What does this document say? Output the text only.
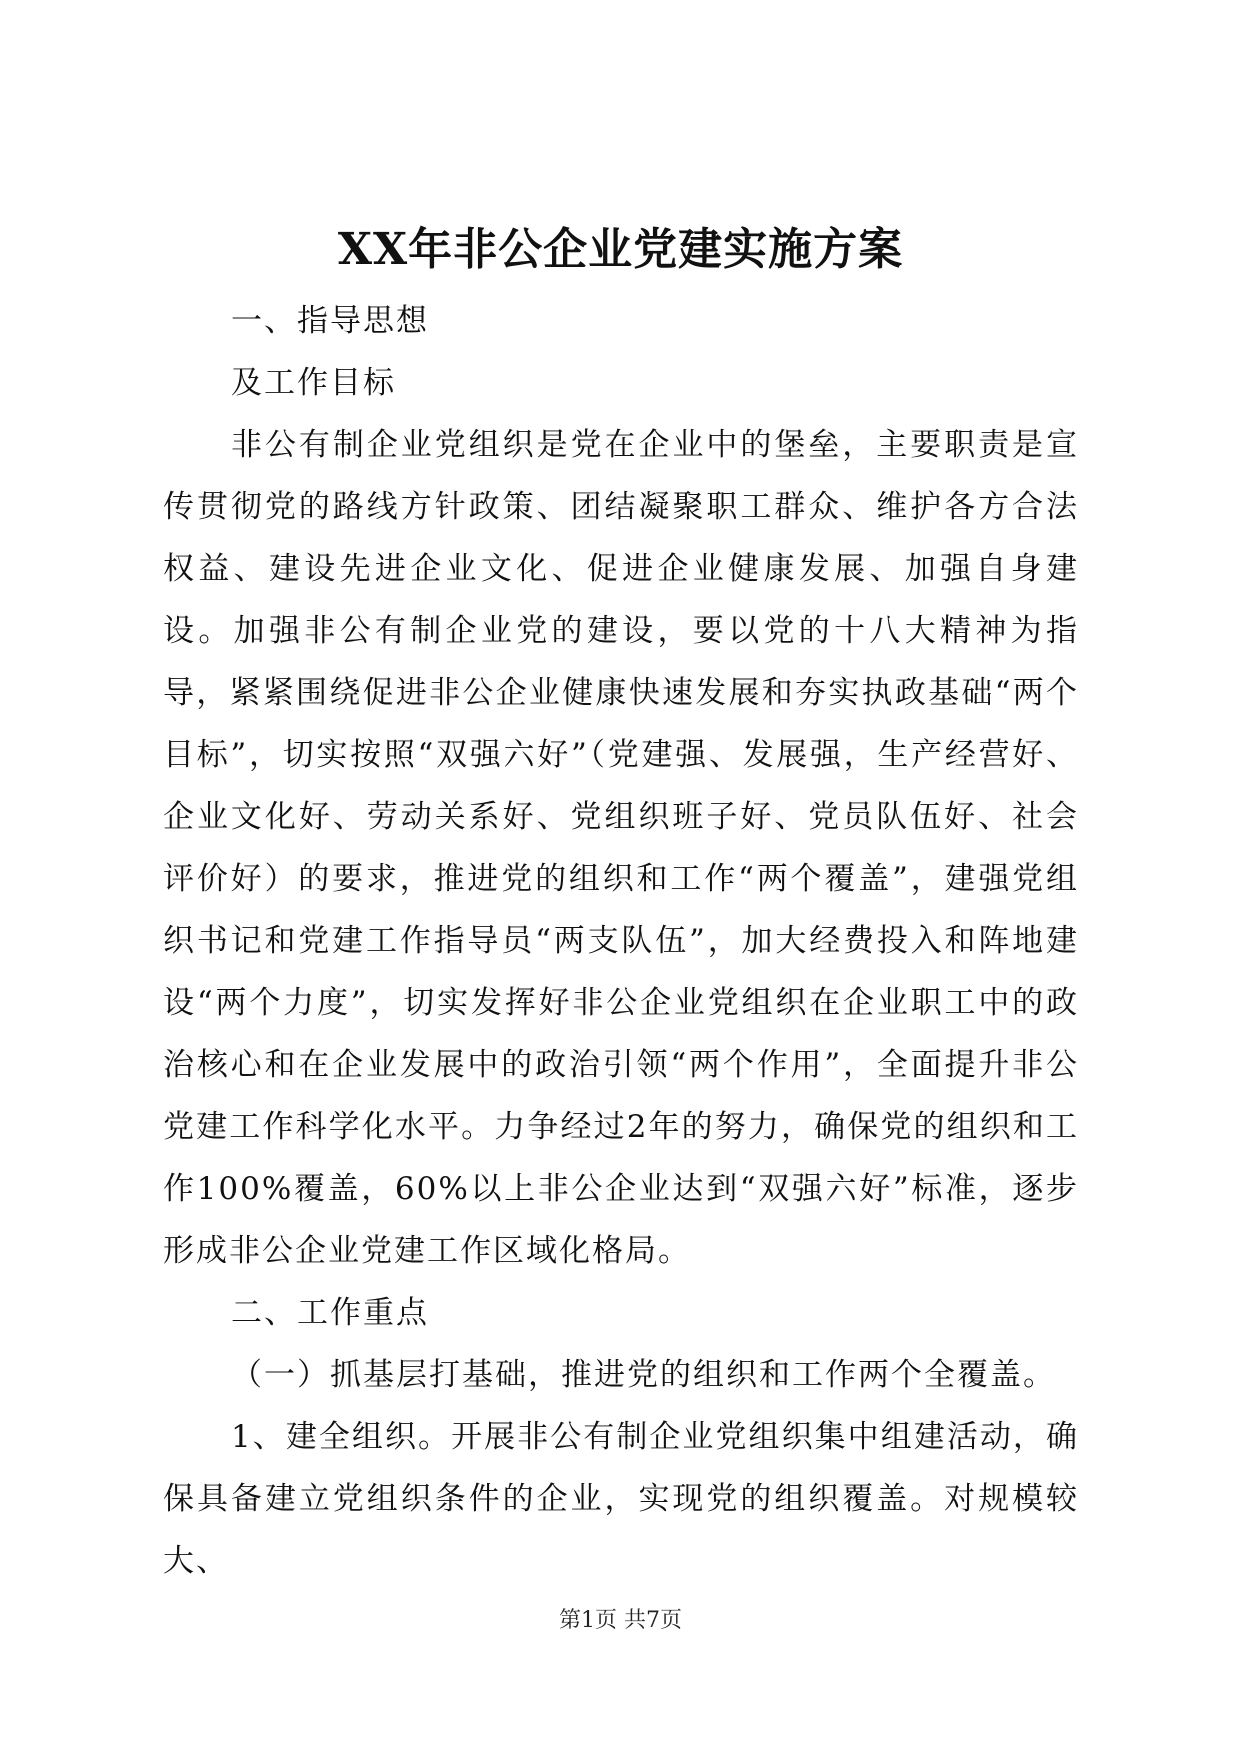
XX年非公企业党建实施方案

一、指导思想

及工作目标

非公有制企业党组织是党在企业中的堡垒，主要职责是宣传贯彻党的路线方针政策、团结凝聚职工群众、维护各方合法权益、建设先进企业文化、促进企业健康发展、加强自身建设。加强非公有制企业党的建设，要以党的十八大精神为指导，紧紧围绕促进非公企业健康快速发展和夯实执政基础“两个目标”，切实按照“双强六好”（党建强、发展强，生产经营好、企业文化好、劳动关系好、党组织班子好、党员队伍好、社会评价好）的要求，推进党的组织和工作“两个覆盖”，建强党组织书记和党建工作指导员“两支队伍”，加大经费投入和阵地建设“两个力度”，切实发挥好非公企业党组织在企业职工中的政治核心和在企业发展中的政治引领“两个作用”，全面提升非公党建工作科学化水平。力争经过2年的努力，确保党的组织和工作100%覆盖，60%以上非公企业达到“双强六好”标准，逐步形成非公企业党建工作区域化格局。

二、工作重点

（一）抓基层打基础，推进党的组织和工作两个全覆盖。

1、建全组织。开展非公有制企业党组织集中组建活动，确保具备建立党组织条件的企业，实现党的组织覆盖。对规模较大、

第1页 共7页
